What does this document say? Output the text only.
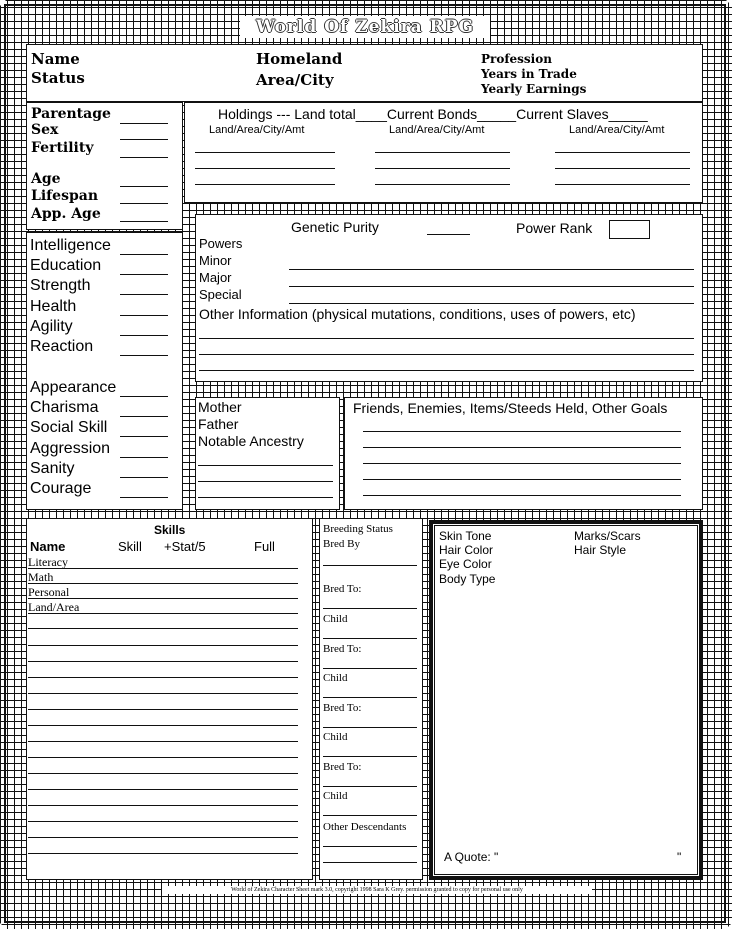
World Of Zekira RPG
Name
Status
Homeland
Area/City
Profession
Years in Trade
Yearly Earnings
Parentage
Sex
Fertility
Age
Lifespan
App. Age
Holdings --- Land total____Current Bonds_____Current Slaves_____
Land/Area/City/Amt	Land/Area/City/Amt	Land/Area/City/Amt
Intelligence
Education
Strength
Health
Agility
Reaction
Appearance
Charisma
Social Skill
Aggression
Sanity
Courage
Genetic Purity	Power Rank
Powers
Minor
Major
Special
Other Information (physical mutations, conditions, uses of powers, etc)
Mother
Father
Notable Ancestry
Friends, Enemies, Items/Steeds Held, Other Goals
Skills
Name	Skill +Stat/5	Full
Literacy
Math
Personal
Land/Area
Breeding Status
Bred By
Bred To:
Child
Bred To:
Child
Bred To:
Child
Bred To:
Child
Other Descendants
Skin Tone
Hair Color
Eye Color
Body Type
Marks/Scars
Hair Style
A Quote: "	"
World of Zekira Character Sheet mark 3.0, copyright 1998 Sara K Grey. permission granted to copy for personal use only
